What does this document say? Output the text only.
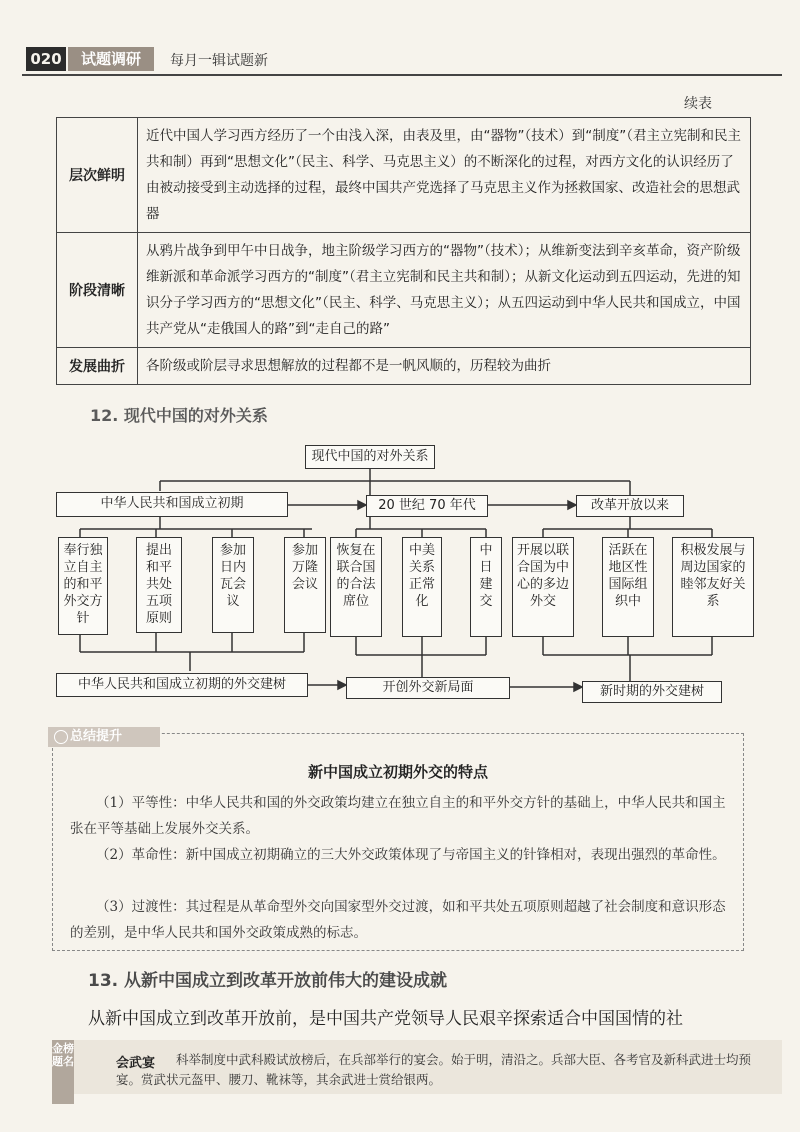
020	试题调研	每月一辑试题新
续表
层次鲜明	近代中国人学习西方经历了一个由浅入深，由表及里，由“器物”（技术）到“制度”（君主立宪制和民主共和制）再到“思想文化”（民主、科学、马克思主义）的不断深化的过程，对西方文化的认识经历了由被动接受到主动选择的过程，最终中国共产党选择了马克思主义作为拯救国家、改造社会的思想武器
阶段清晰	从鸦片战争到甲午中日战争，地主阶级学习西方的“器物”（技术）；从维新变法到辛亥革命，资产阶级维新派和革命派学习西方的“制度”（君主立宪制和民主共和制）；从新文化运动到五四运动，先进的知识分子学习西方的“思想文化”（民主、科学、马克思主义）；从五四运动到中华人民共和国成立，中国共产党从“走俄国人的路”到“走自己的路”
发展曲折	各阶级或阶层寻求思想解放的过程都不是一帆风顺的，历程较为曲折
12. 现代中国的对外关系
现代中国的对外关系
中华人民共和国成立初期	20 世纪 70 年代	改革开放以来
奉行独立自主的和平外交方针
提出和平共处五项原则
参加日内瓦会议
参加万隆会议
恢复在联合国的合法席位
中美关系正常化
中日建交
开展以联合国为中心的多边外交
活跃在地区性国际组织中
积极发展与周边国家的睦邻友好关系
中华人民共和国成立初期的外交建树	开创外交新局面	新时期的外交建树
总结提升
新中国成立初期外交的特点
（1）平等性：中华人民共和国的外交政策均建立在独立自主的和平外交方针的基础上，中华人民共和国主张在平等基础上发展外交关系。
（2）革命性：新中国成立初期确立的三大外交政策体现了与帝国主义的针锋相对，表现出强烈的革命性。
（3）过渡性：其过程是从革命型外交向国家型外交过渡，如和平共处五项原则超越了社会制度和意识形态的差别，是中华人民共和国外交政策成熟的标志。
13. 从新中国成立到改革开放前伟大的建设成就
从新中国成立到改革开放前，是中国共产党领导人民艰辛探索适合中国国情的社
金榜题名	会武宴	科举制度中武科殿试放榜后，在兵部举行的宴会。始于明，清沿之。兵部大臣、各考官及新科武进士均预宴。赏武状元盔甲、腰刀、靴袜等，其余武进士赏给银两。
